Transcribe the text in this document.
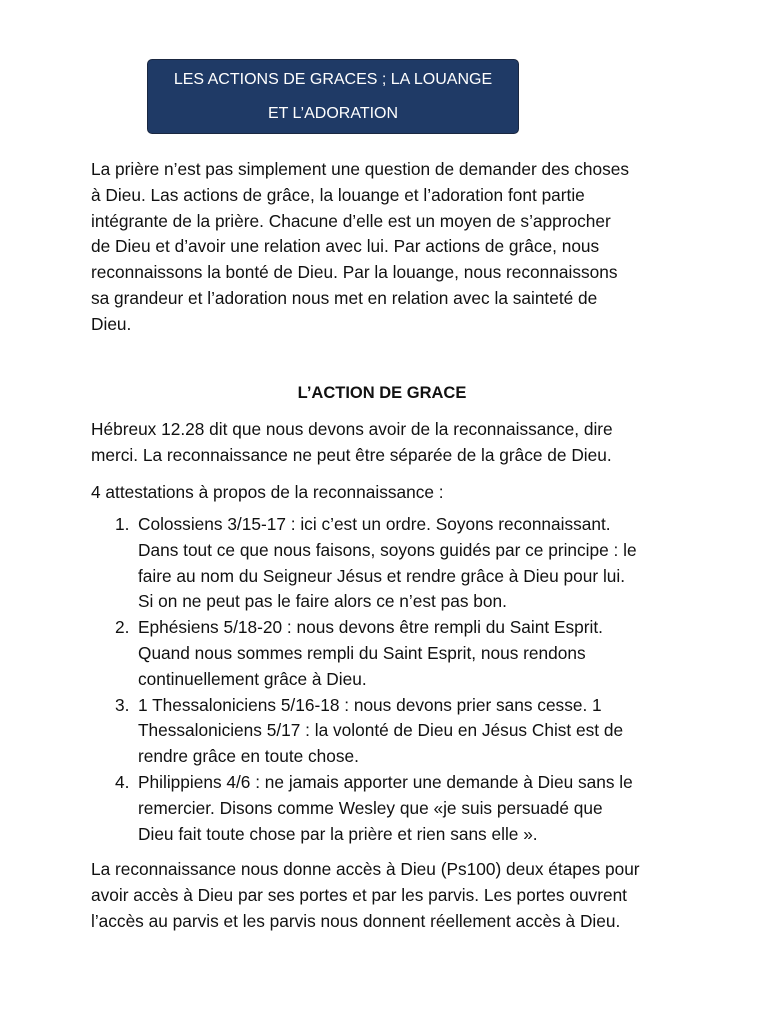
LES ACTIONS DE GRACES ; LA LOUANGE
ET L’ADORATION

La prière n’est pas simplement une question de demander des choses
à Dieu. Las actions de grâce, la louange et l’adoration font partie
intégrante de la prière. Chacune d’elle est un moyen de s’approcher
de Dieu et d’avoir une relation avec lui. Par actions de grâce, nous
reconnaissons la bonté de Dieu. Par la louange, nous reconnaissons
sa grandeur et l’adoration nous met en relation avec la sainteté de
Dieu.

L’ACTION DE GRACE

Hébreux 12.28 dit que nous devons avoir de la reconnaissance, dire
merci. La reconnaissance ne peut être séparée de la grâce de Dieu.

4 attestations à propos de la reconnaissance :

1. Colossiens 3/15-17 : ici c’est un ordre. Soyons reconnaissant.
Dans tout ce que nous faisons, soyons guidés par ce principe : le
faire au nom du Seigneur Jésus et rendre grâce à Dieu pour lui.
Si on ne peut pas le faire alors ce n’est pas bon.
2. Ephésiens 5/18-20 : nous devons être rempli du Saint Esprit.
Quand nous sommes rempli du Saint Esprit, nous rendons
continuellement grâce à Dieu.
3. 1 Thessaloniciens 5/16-18 : nous devons prier sans cesse. 1
Thessaloniciens 5/17 : la volonté de Dieu en Jésus Chist est de
rendre grâce en toute chose.
4. Philippiens 4/6 : ne jamais apporter une demande à Dieu sans le
remercier. Disons comme Wesley que «je suis persuadé que
Dieu fait toute chose par la prière et rien sans elle ».

La reconnaissance nous donne accès à Dieu (Ps100) deux étapes pour
avoir accès à Dieu par ses portes et par les parvis. Les portes ouvrent
l’accès au parvis et les parvis nous donnent réellement accès à Dieu.
